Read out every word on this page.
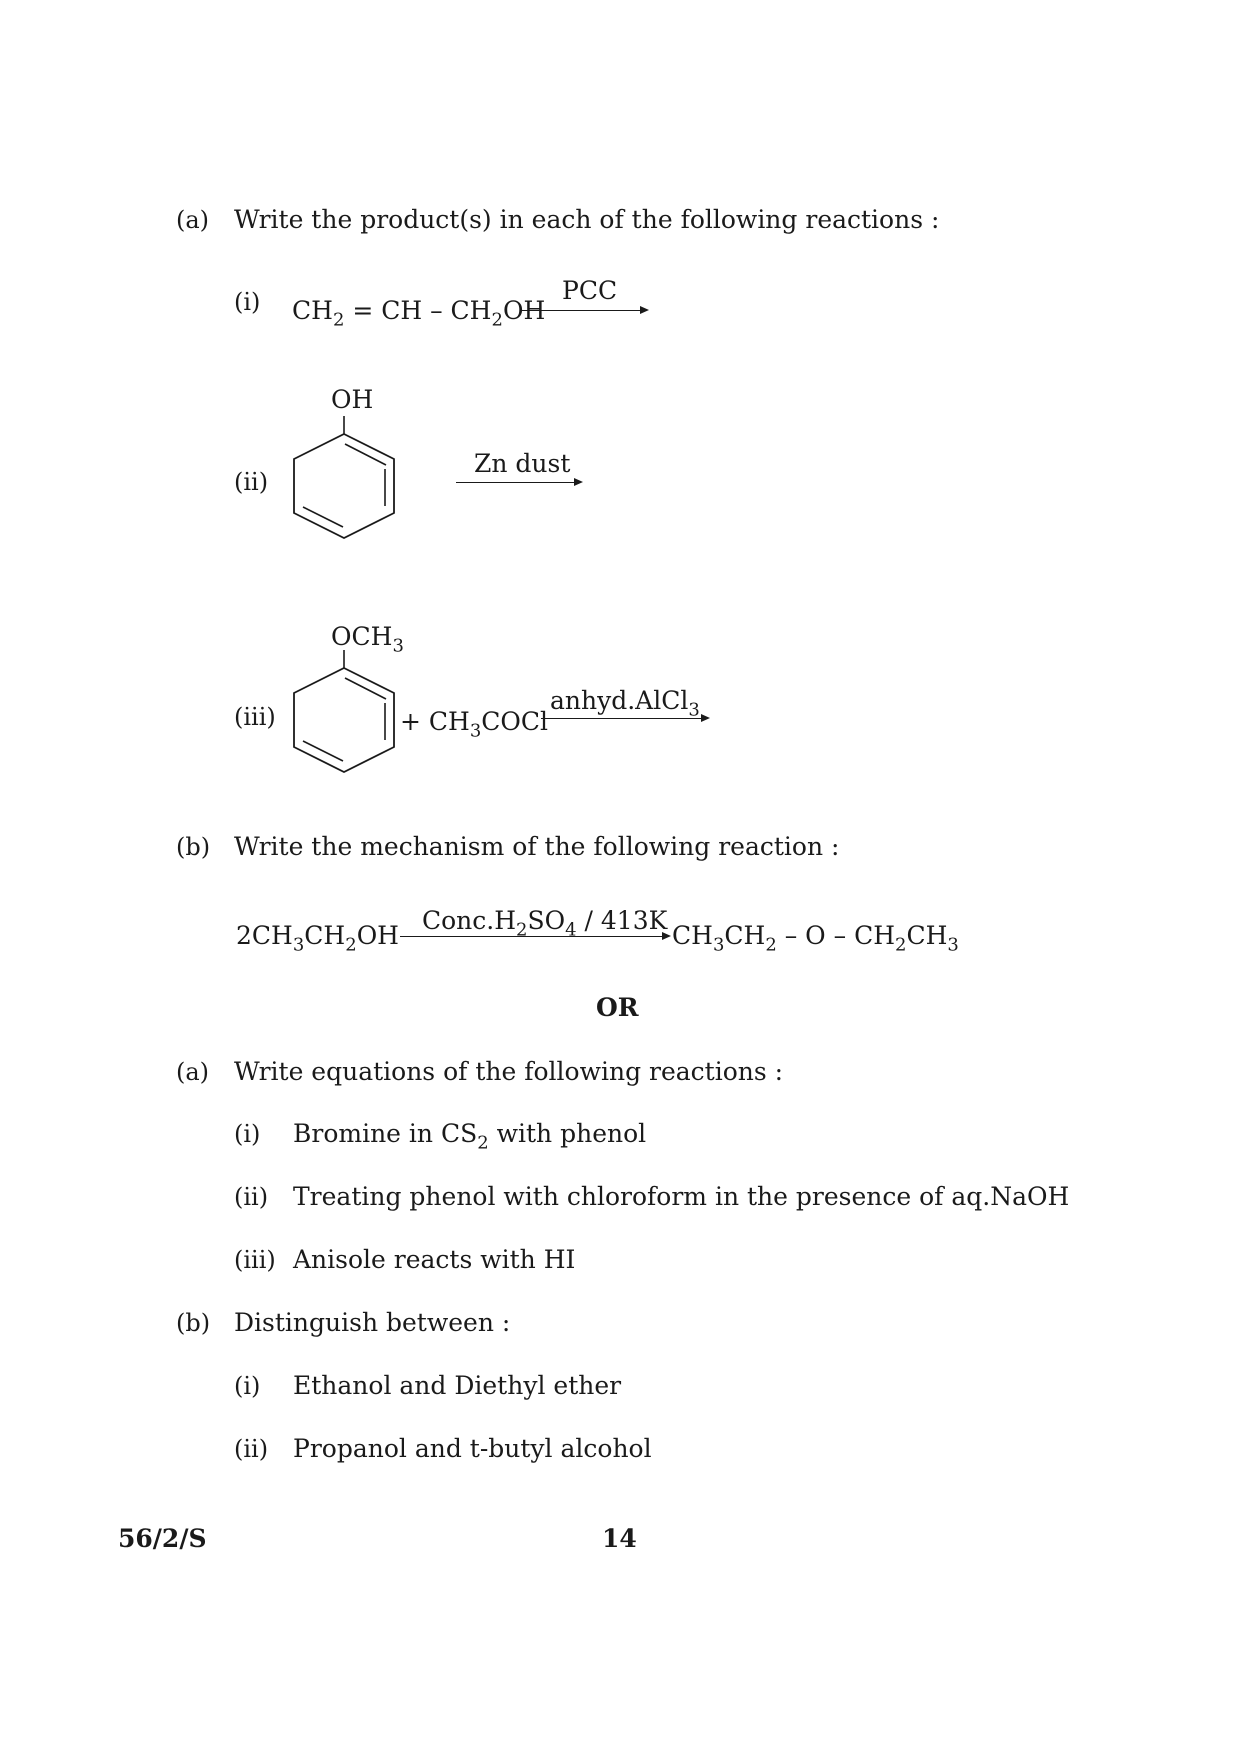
(a) Write the product(s) in each of the following reactions :
(i) $CH_2$ = CH – $CH_2OH$
PCC
(ii)
OH
Zn dust
(iii)
$OCH_3$
+ $CH_3COCl$
anhyd.AlCl$_3$
(b) Write the mechanism of the following reaction :
$2CH_3CH_2OH$
$Conc.H_2SO_4 / 413K$
$CH_3CH_2$ – O – $CH_2CH_3$
OR
(a) Write equations of the following reactions :
(i) Bromine in $CS_2$ with phenol
(ii) Treating phenol with chloroform in the presence of aq.NaOH
(iii) Anisole reacts with HI
(b) Distinguish between :
(i) Ethanol and Diethyl ether
(ii) Propanol and t-butyl alcohol
56/2/S	14
